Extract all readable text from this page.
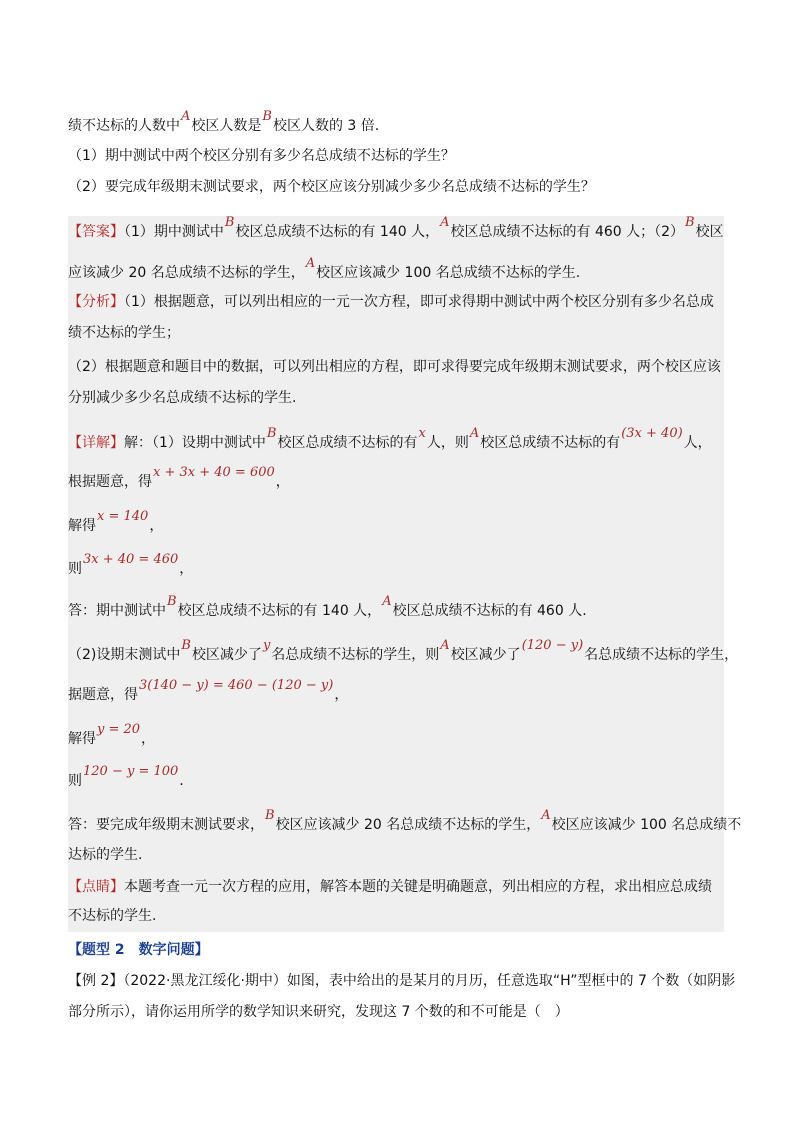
绩不达标的人数中A校区人数是B校区人数的 3 倍.
（1）期中测试中两个校区分别有多少名总成绩不达标的学生？
（2）要完成年级期末测试要求，两个校区应该分别减少多少名总成绩不达标的学生？
【答案】（1）期中测试中B校区总成绩不达标的有 140 人，A校区总成绩不达标的有 460 人；（2）B校区
应该减少 20 名总成绩不达标的学生，A校区应该减少 100 名总成绩不达标的学生.
【分析】（1）根据题意，可以列出相应的一元一次方程，即可求得期中测试中两个校区分别有多少名总成
绩不达标的学生；
（2）根据题意和题目中的数据，可以列出相应的方程，即可求得要完成年级期末测试要求，两个校区应该
分别减少多少名总成绩不达标的学生.
【详解】解：（1）设期中测试中B校区总成绩不达标的有x人，则A校区总成绩不达标的有(3x + 40)人，
根据题意，得x + 3x + 40 = 600，
解得x = 140，
则3x + 40 = 460，
答：期中测试中B校区总成绩不达标的有 140 人，A校区总成绩不达标的有 460 人.
（2)设期末测试中B校区减少了y名总成绩不达标的学生，则A校区减少了(120 − y)名总成绩不达标的学生，
据题意，得3(140 − y) = 460 − (120 − y)，
解得y = 20，
则120 − y = 100.
答：要完成年级期末测试要求，B校区应该减少 20 名总成绩不达标的学生，A校区应该减少 100 名总成绩不
达标的学生.
【点睛】本题考查一元一次方程的应用，解答本题的关键是明确题意，列出相应的方程，求出相应总成绩
不达标的学生.
【题型 2　数字问题】
【例 2】（2022·黑龙江绥化·期中）如图，表中给出的是某月的月历，任意选取“H”型框中的 7 个数（如阴影
部分所示），请你运用所学的数学知识来研究，发现这 7 个数的和不可能是（　）
